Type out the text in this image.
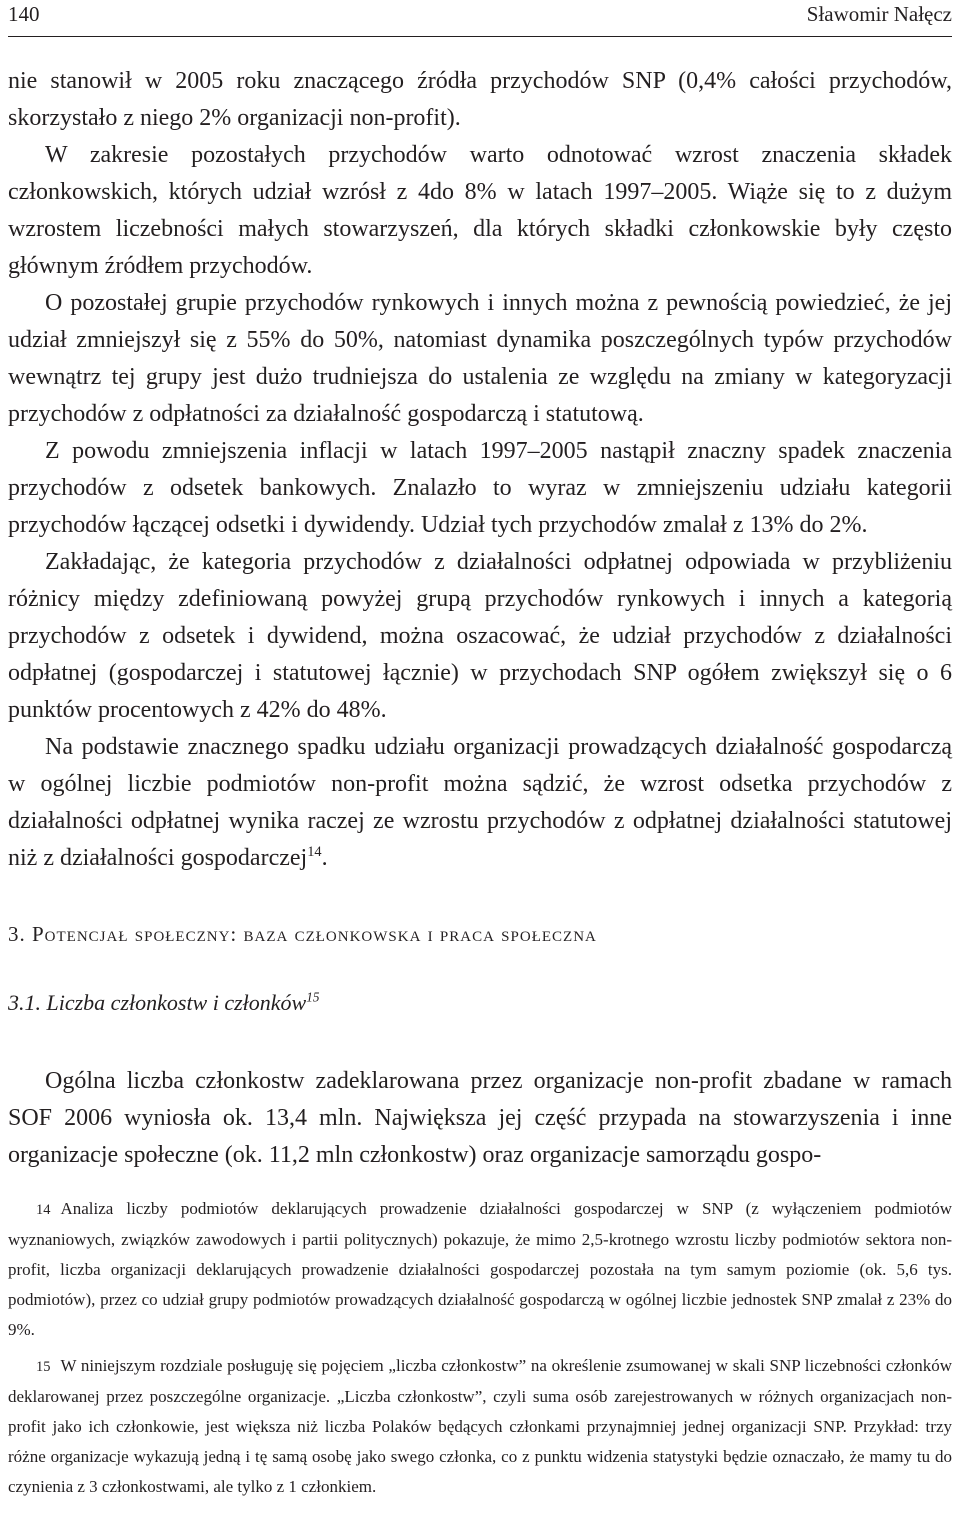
140	Sławomir Nałęcz

nie stanowił w 2005 roku znaczącego źródła przychodów SNP (0,4% całości przychodów, skorzystało z niego 2% organizacji non-profit).

W zakresie pozostałych przychodów warto odnotować wzrost znaczenia składek członkowskich, których udział wzrósł z 4do 8% w latach 1997–2005. Wiąże się to z dużym wzrostem liczebności małych stowarzyszeń, dla których składki członkowskie były często głównym źródłem przychodów.

O pozostałej grupie przychodów rynkowych i innych można z pewnością powiedzieć, że jej udział zmniejszył się z 55% do 50%, natomiast dynamika poszczególnych typów przychodów wewnątrz tej grupy jest dużo trudniejsza do ustalenia ze względu na zmiany w kategoryzacji przychodów z odpłatności za działalność gospodarczą i statutową.

Z powodu zmniejszenia inflacji w latach 1997–2005 nastąpił znaczny spadek znaczenia przychodów z odsetek bankowych. Znalazło to wyraz w zmniejszeniu udziału kategorii przychodów łączącej odsetki i dywidendy. Udział tych przychodów zmalał z 13% do 2%.

Zakładając, że kategoria przychodów z działalności odpłatnej odpowiada w przybliżeniu różnicy między zdefiniowaną powyżej grupą przychodów rynkowych i innych a kategorią przychodów z odsetek i dywidend, można oszacować, że udział przychodów z działalności odpłatnej (gospodarczej i statutowej łącznie) w przychodach SNP ogółem zwiększył się o 6 punktów procentowych z 42% do 48%.

Na podstawie znacznego spadku udziału organizacji prowadzących działalność gospodarczą w ogólnej liczbie podmiotów non-profit można sądzić, że wzrost odsetka przychodów z działalności odpłatnej wynika raczej ze wzrostu przychodów z odpłatnej działalności statutowej niż z działalności gospodarczej$^{14}$.

3. Potencjał społeczny: baza członkowska i praca społeczna
3.1. Liczba członkostw i członków$^{15}$

Ogólna liczba członkostw zadeklarowana przez organizacje non-profit zbadane w ramach SOF 2006 wyniosła ok. 13,4 mln. Największa jej część przypada na stowarzyszenia i inne organizacje społeczne (ok. 11,2 mln członkostw) oraz organizacje samorządu gospo-

14 Analiza liczby podmiotów deklarujących prowadzenie działalności gospodarczej w SNP (z wyłączeniem podmiotów wyznaniowych, związków zawodowych i partii politycznych) pokazuje, że mimo 2,5-krotnego wzrostu liczby podmiotów sektora non-profit, liczba organizacji deklarujących prowadzenie działalności gospodarczej pozostała na tym samym poziomie (ok. 5,6 tys. podmiotów), przez co udział grupy podmiotów prowadzących działalność gospodarczą w ogólnej liczbie jednostek SNP zmalał z 23% do 9%.

15 W niniejszym rozdziale posługuję się pojęciem „liczba członkostw” na określenie zsumowanej w skali SNP liczebności członków deklarowanej przez poszczególne organizacje. „Liczba członkostw”, czyli suma osób zarejestrowanych w różnych organizacjach non-profit jako ich członkowie, jest większa niż liczba Polaków będących członkami przynajmniej jednej organizacji SNP. Przykład: trzy różne organizacje wykazują jedną i tę samą osobę jako swego członka, co z punktu widzenia statystyki będzie oznaczało, że mamy tu do czynienia z 3 członkostwami, ale tylko z 1 członkiem.
